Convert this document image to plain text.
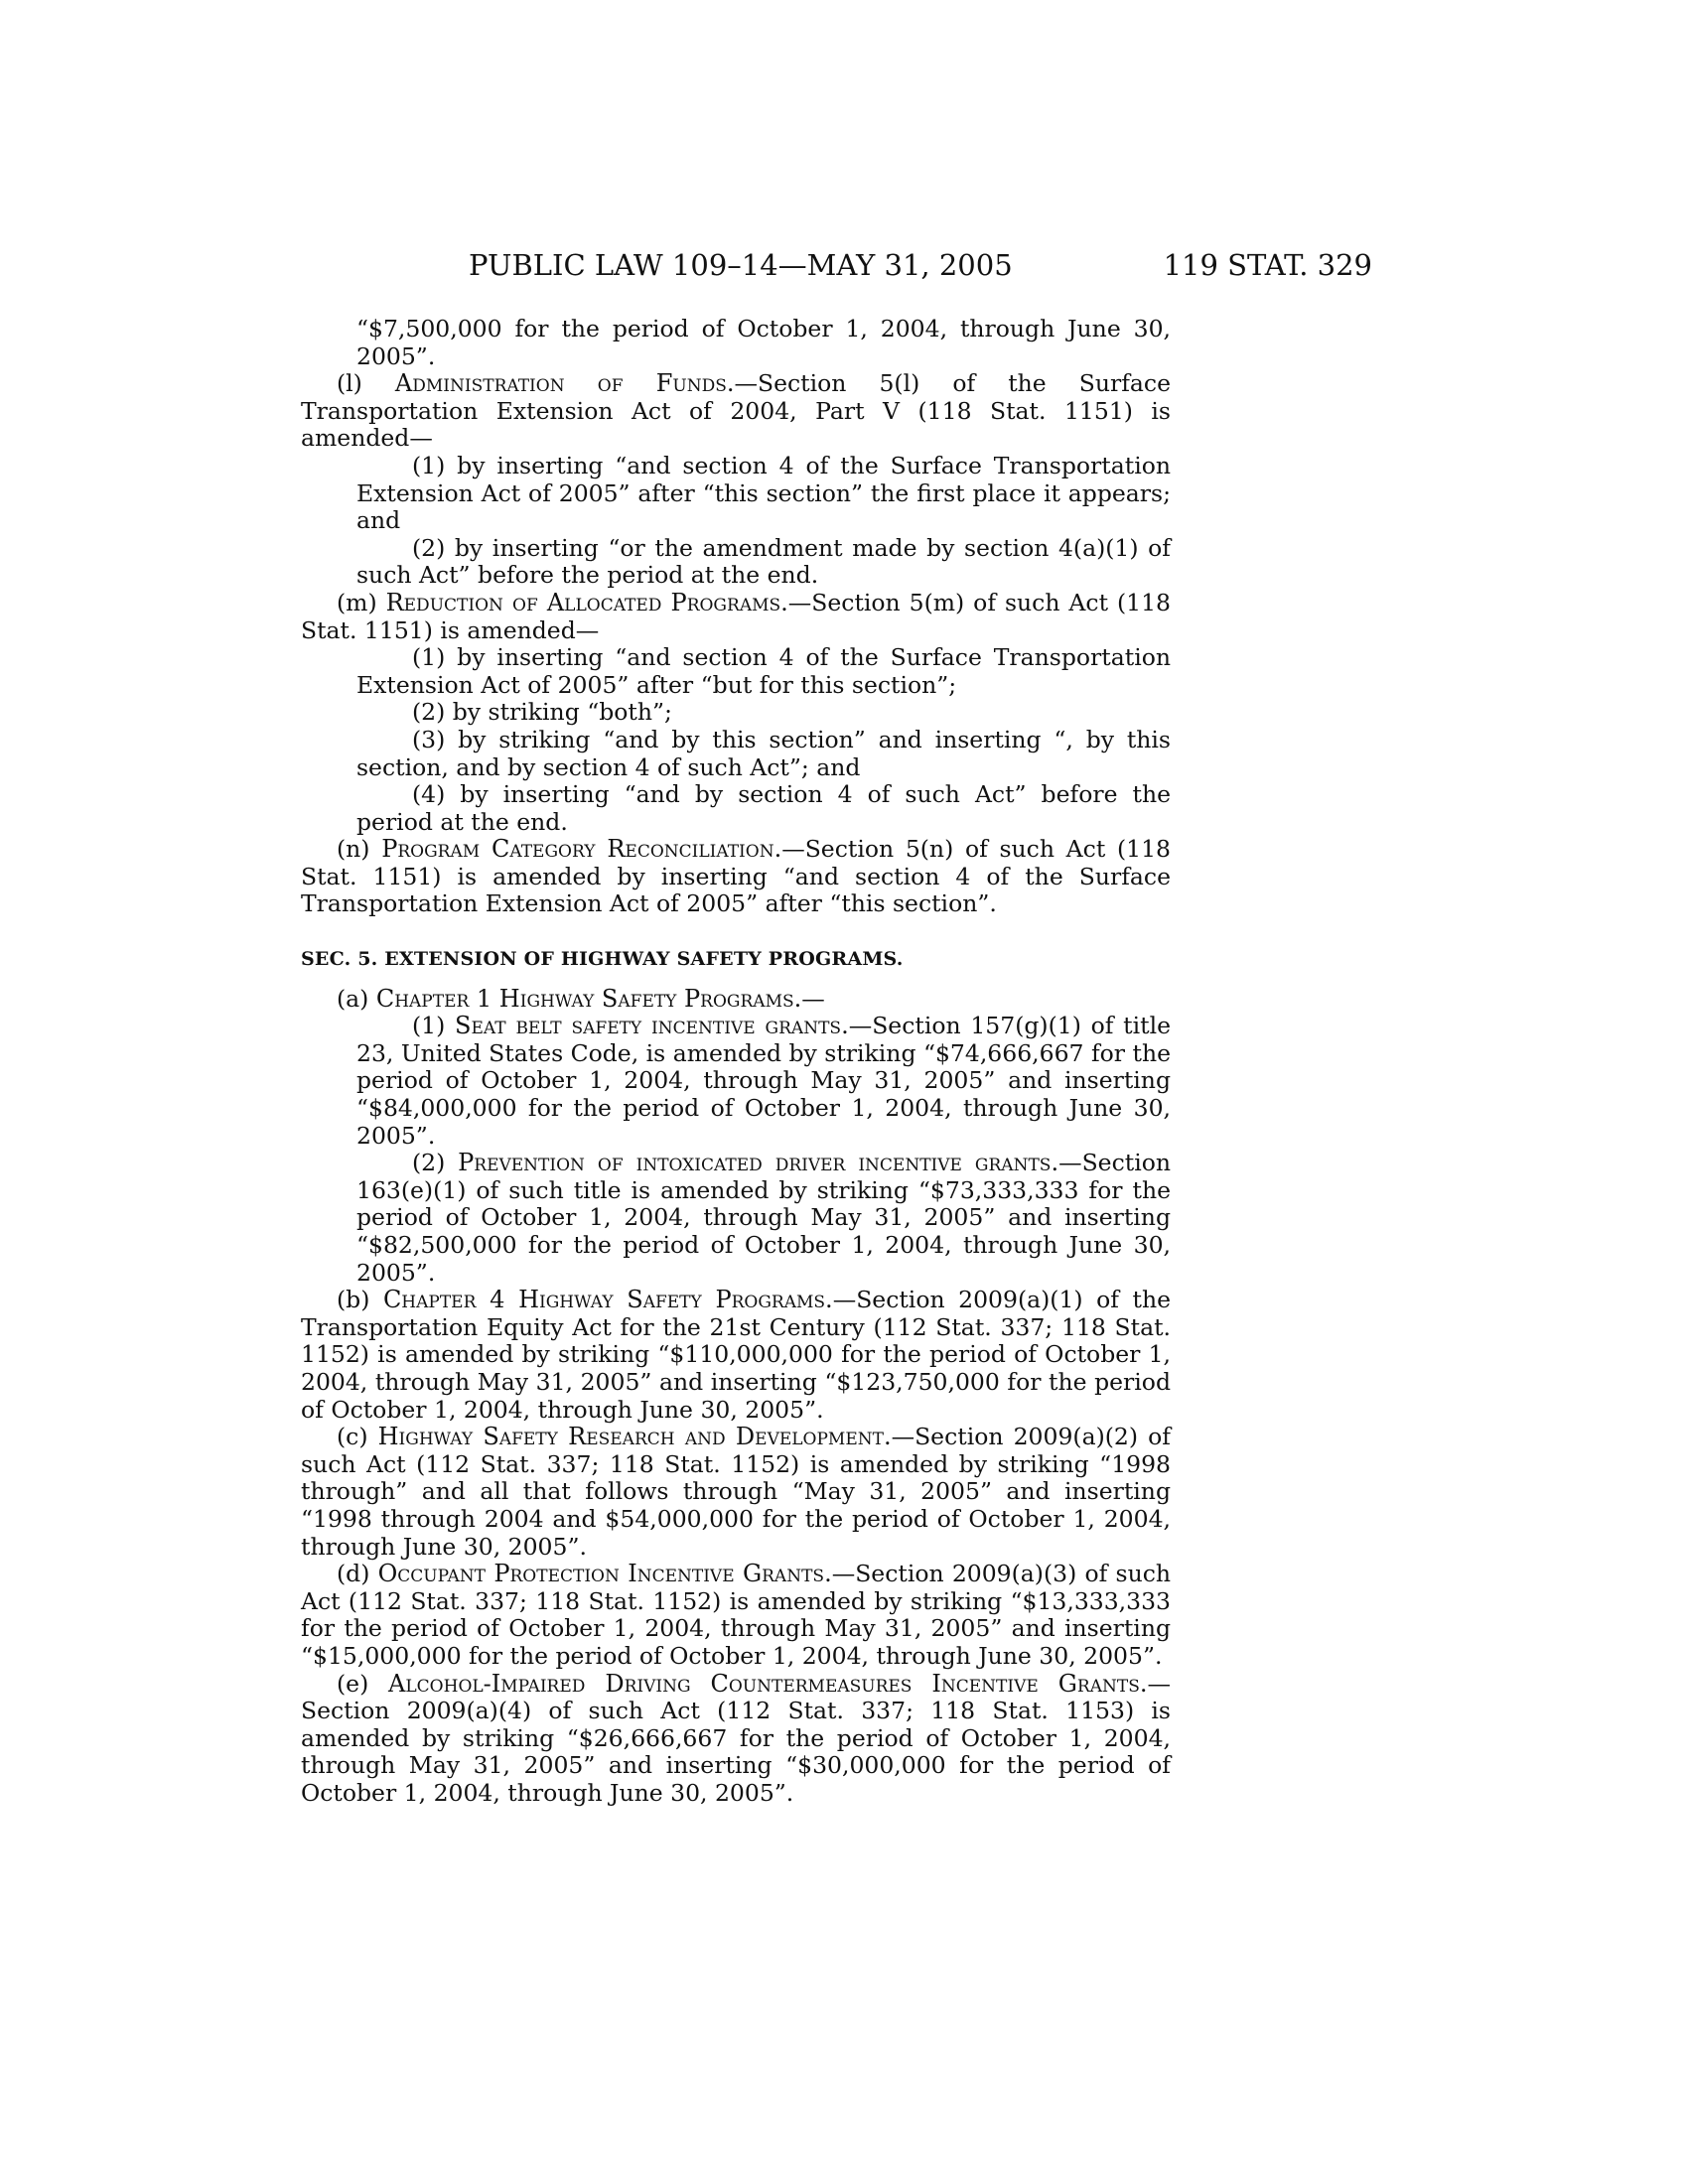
PUBLIC LAW 109–14—MAY 31, 2005	119 STAT. 329

“$7,500,000 for the period of October 1, 2004, through June 30, 2005”.

(l) Administration of Funds.—Section 5(l) of the Surface Transportation Extension Act of 2004, Part V (118 Stat. 1151) is amended—

(1) by inserting “and section 4 of the Surface Transportation Extension Act of 2005” after “this section” the first place it appears; and

(2) by inserting “or the amendment made by section 4(a)(1) of such Act” before the period at the end.

(m) Reduction of Allocated Programs.—Section 5(m) of such Act (118 Stat. 1151) is amended—

(1) by inserting “and section 4 of the Surface Transportation Extension Act of 2005” after “but for this section”;

(2) by striking “both”;

(3) by striking “and by this section” and inserting “, by this section, and by section 4 of such Act”; and

(4) by inserting “and by section 4 of such Act” before the period at the end.

(n) Program Category Reconciliation.—Section 5(n) of such Act (118 Stat. 1151) is amended by inserting “and section 4 of the Surface Transportation Extension Act of 2005” after “this section”.

SEC. 5. EXTENSION OF HIGHWAY SAFETY PROGRAMS.

(a) Chapter 1 Highway Safety Programs.—

(1) Seat belt safety incentive grants.—Section 157(g)(1) of title 23, United States Code, is amended by striking “$74,666,667 for the period of October 1, 2004, through May 31, 2005” and inserting “$84,000,000 for the period of October 1, 2004, through June 30, 2005”.

(2) Prevention of intoxicated driver incentive grants.—Section 163(e)(1) of such title is amended by striking “$73,333,333 for the period of October 1, 2004, through May 31, 2005” and inserting “$82,500,000 for the period of October 1, 2004, through June 30, 2005”.

(b) Chapter 4 Highway Safety Programs.—Section 2009(a)(1) of the Transportation Equity Act for the 21st Century (112 Stat. 337; 118 Stat. 1152) is amended by striking “$110,000,000 for the period of October 1, 2004, through May 31, 2005” and inserting “$123,750,000 for the period of October 1, 2004, through June 30, 2005”.

(c) Highway Safety Research and Development.—Section 2009(a)(2) of such Act (112 Stat. 337; 118 Stat. 1152) is amended by striking “1998 through” and all that follows through “May 31, 2005” and inserting “1998 through 2004 and $54,000,000 for the period of October 1, 2004, through June 30, 2005”.

(d) Occupant Protection Incentive Grants.—Section 2009(a)(3) of such Act (112 Stat. 337; 118 Stat. 1152) is amended by striking “$13,333,333 for the period of October 1, 2004, through May 31, 2005” and inserting “$15,000,000 for the period of October 1, 2004, through June 30, 2005”.

(e) Alcohol-Impaired Driving Countermeasures Incentive Grants.—Section 2009(a)(4) of such Act (112 Stat. 337; 118 Stat. 1153) is amended by striking “$26,666,667 for the period of October 1, 2004, through May 31, 2005” and inserting “$30,000,000 for the period of October 1, 2004, through June 30, 2005”.
